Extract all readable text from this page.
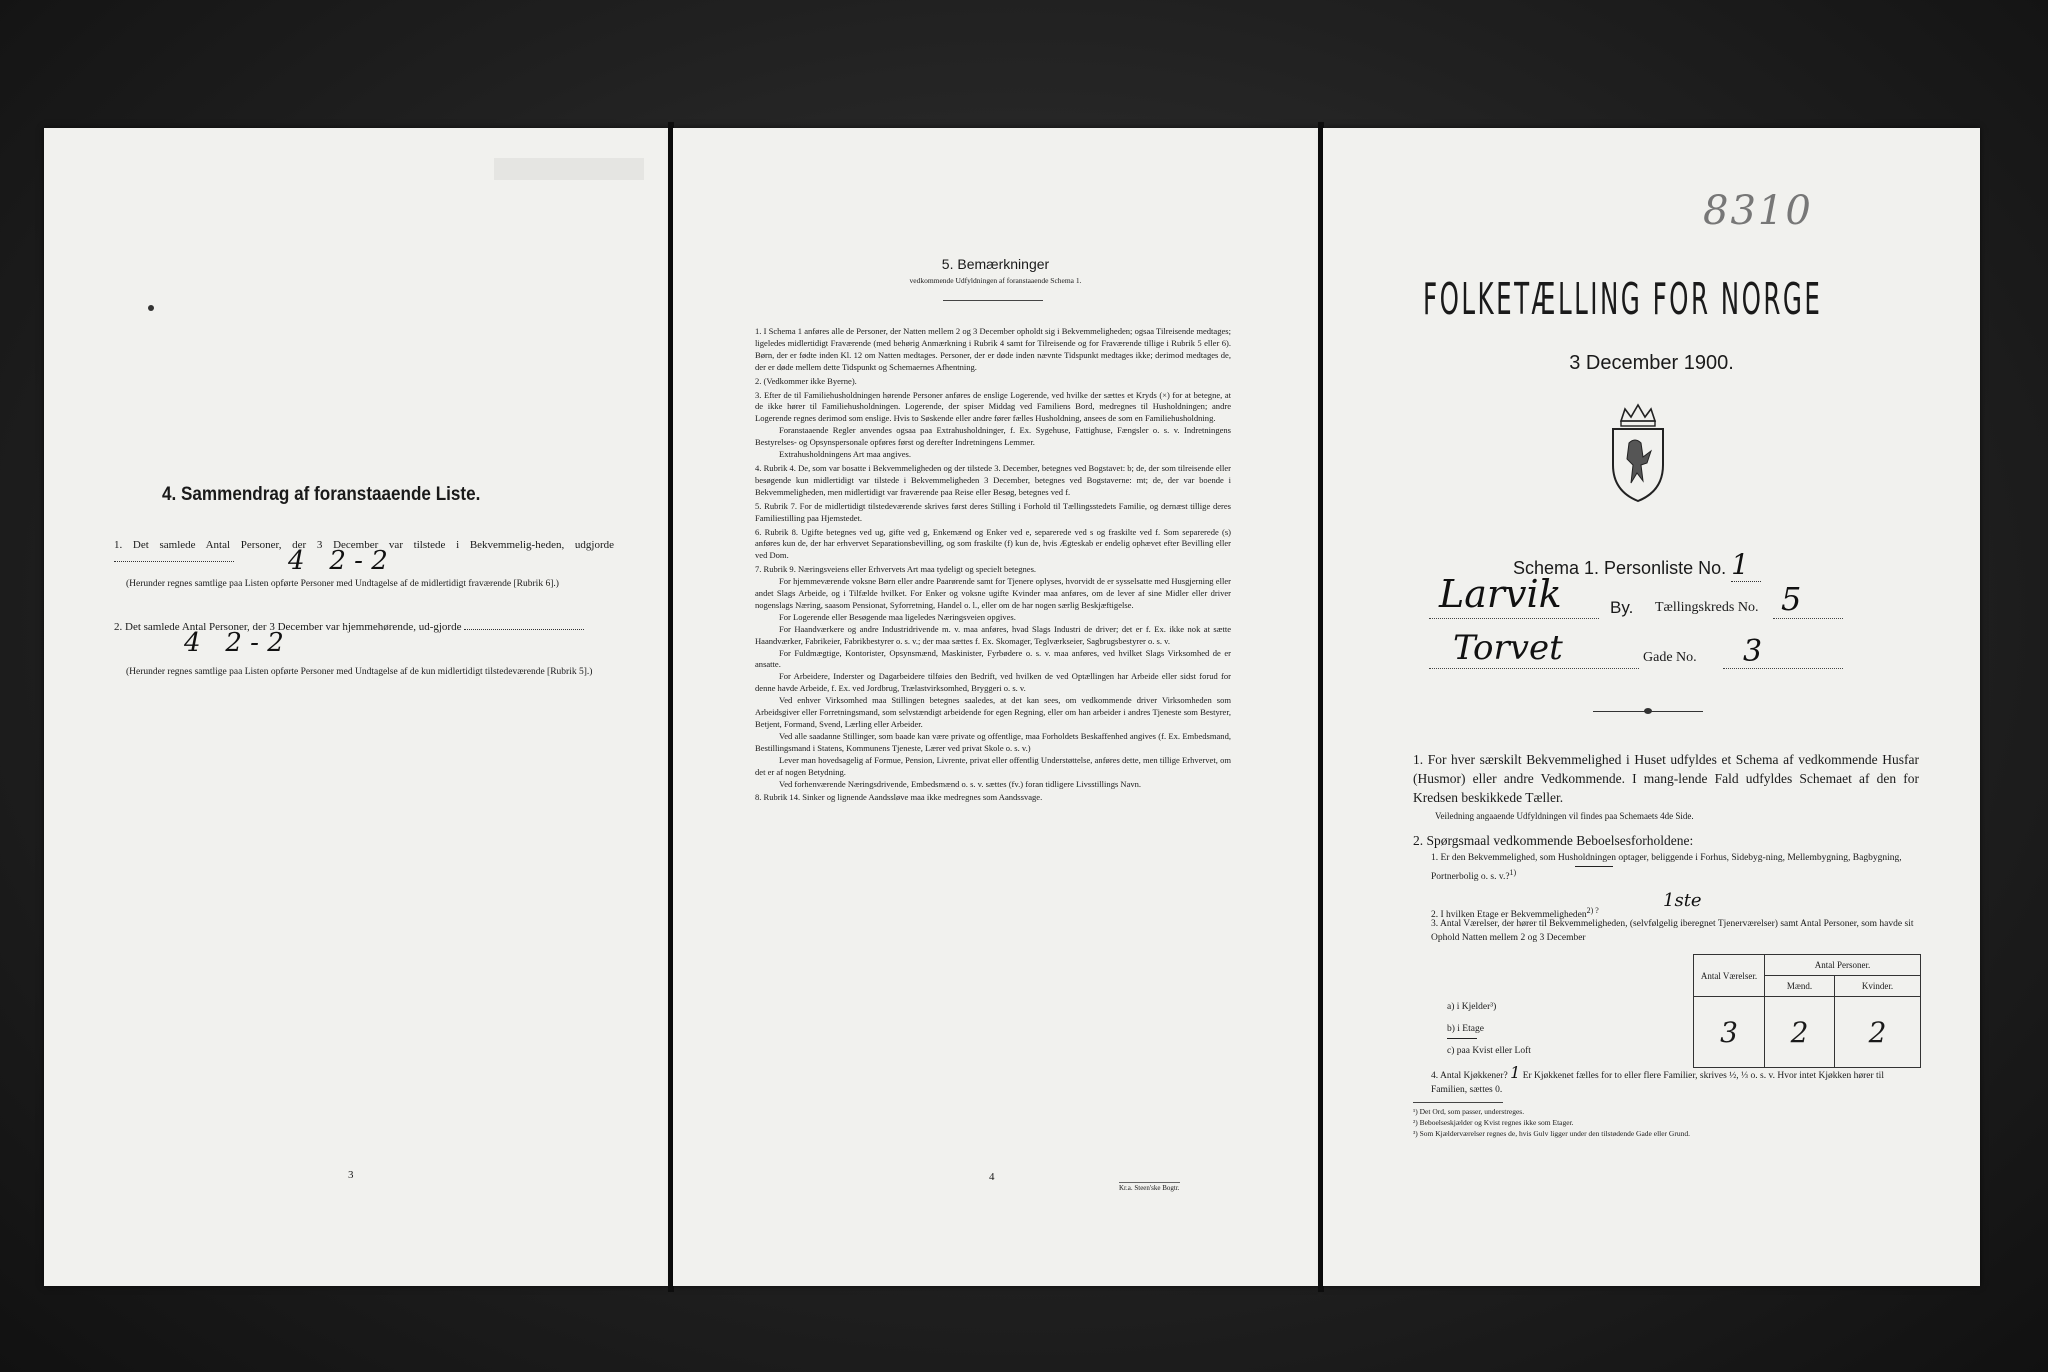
4. Sammendrag af foranstaaende Liste.
1. Det samlede Antal Personer, der 3 December var tilstede i Bekvemmelig-heden, udgjorde
4   2 - 2
(Herunder regnes samtlige paa Listen opførte Personer med Undtagelse af de midlertidigt fraværende [Rubrik 6].)
2. Det samlede Antal Personer, der 3 December var hjemmehørende, ud-gjorde
4   2 - 2
(Herunder regnes samtlige paa Listen opførte Personer med Undtagelse af de kun midlertidigt tilstedeværende [Rubrik 5].)
3
5. Bemærkninger
vedkommende Udfyldningen af foranstaaende Schema 1.
1. I Schema 1 anføres alle de Personer, der Natten mellem 2 og 3 December opholdt sig i Bekvemmeligheden; ogsaa Tilreisende medtages; ligeledes midlertidigt Fraværende (med behørig Anmærkning i Rubrik 4 samt for Tilreisende og for Fraværende tillige i Rubrik 5 eller 6). Børn, der er fødte inden Kl. 12 om Natten medtages. Personer, der er døde inden nævnte Tidspunkt medtages ikke; derimod medtages de, der er døde mellem dette Tidspunkt og Schemaernes Afhentning.
2. (Vedkommer ikke Byerne).
3. Efter de til Familiehusholdningen hørende Personer anføres de enslige Logerende, ved hvilke der sættes et Kryds (×) for at betegne, at de ikke hører til Familiehusholdningen. Logerende, der spiser Middag ved Familiens Bord, medregnes til Husholdningen; andre Logerende regnes derimod som enslige. Hvis to Søskende eller andre fører fælles Husholdning, ansees de som en Familiehusholdning.
Foranstaaende Regler anvendes ogsaa paa Extrahusholdninger, f. Ex. Sygehuse, Fattighuse, Fængsler o. s. v. Indretningens Bestyrelses- og Opsynspersonale opføres først og derefter Indretningens Lemmer.
Extrahusholdningens Art maa angives.
4. Rubrik 4. De, som var bosatte i Bekvemmeligheden og der tilstede 3. December, betegnes ved Bogstavet: b; de, der som tilreisende eller besøgende kun midlertidigt var tilstede i Bekvemmeligheden 3 December, betegnes ved Bogstaverne: mt; de, der var boende i Bekvemmeligheden, men midlertidigt var fraværende paa Reise eller Besøg, betegnes ved f.
5. Rubrik 7. For de midlertidigt tilstedeværende skrives først deres Stilling i Forhold til Tællingsstedets Familie, og dernæst tillige deres Familiestilling paa Hjemstedet.
6. Rubrik 8. Ugifte betegnes ved ug, gifte ved g, Enkemænd og Enker ved e, separerede ved s og fraskilte ved f. Som separerede (s) anføres kun de, der har erhvervet Separationsbevilling, og som fraskilte (f) kun de, hvis Ægteskab er endelig ophævet efter Bevilling eller ved Dom.
7. Rubrik 9. Næringsveiens eller Erhvervets Art maa tydeligt og specielt betegnes.
For hjemmeværende voksne Børn eller andre Paarørende samt for Tjenere oplyses, hvorvidt de er sysselsatte med Husgjerning eller andet Slags Arbeide, og i Tilfælde hvilket. For Enker og voksne ugifte Kvinder maa anføres, om de lever af sine Midler eller driver nogenslags Næring, saasom Pensionat, Syforretning, Handel o. l., eller om de har nogen særlig Beskjæftigelse.
For Logerende eller Besøgende maa ligeledes Næringsveien opgives.
For Haandværkere og andre Industridrivende m. v. maa anføres, hvad Slags Industri de driver; det er f. Ex. ikke nok at sætte Haandværker, Fabrikeier, Fabrikbestyrer o. s. v.; der maa sættes f. Ex. Skomager, Teglværkseier, Sagbrugsbestyrer o. s. v.
For Fuldmægtige, Kontorister, Opsynsmænd, Maskinister, Fyrbødere o. s. v. maa anføres, ved hvilket Slags Virksomhed de er ansatte.
For Arbeidere, Inderster og Dagarbeidere tilføies den Bedrift, ved hvilken de ved Optællingen har Arbeide eller sidst forud for denne havde Arbeide, f. Ex. ved Jordbrug, Trælastvirksomhed, Bryggeri o. s. v.
Ved enhver Virksomhed maa Stillingen betegnes saaledes, at det kan sees, om vedkommende driver Virksomheden som Arbeidsgiver eller Forretningsmand, som selvstændigt arbeidende for egen Regning, eller om han arbeider i andres Tjeneste som Bestyrer, Betjent, Formand, Svend, Lærling eller Arbeider.
Ved alle saadanne Stillinger, som baade kan være private og offentlige, maa Forholdets Beskaffenhed angives (f. Ex. Embedsmand, Bestillingsmand i Statens, Kommunens Tjeneste, Lærer ved privat Skole o. s. v.)
Lever man hovedsagelig af Formue, Pension, Livrente, privat eller offentlig Understøttelse, anføres dette, men tillige Erhvervet, om det er af nogen Betydning.
Ved forhenværende Næringsdrivende, Embedsmænd o. s. v. sættes (fv.) foran tidligere Livsstillings Navn.
8. Rubrik 14. Sinker og lignende Aandssløve maa ikke medregnes som Aandssvage.
4
Kr.a. Steen'ske Bogtr.
8310
FOLKETÆLLING FOR NORGE
3 December 1900.
Schema 1. Personliste No. 1
Larvik	By. Tællingskreds No. 5
Torvet	Gade No. 3
1. For hver særskilt Bekvemmelighed i Huset udfyldes et Schema af vedkommende Husfar (Husmor) eller andre Vedkommende. I mang-lende Fald udfyldes Schemaet af den for Kredsen beskikkede Tæller.
Veiledning angaaende Udfyldningen vil findes paa Schemaets 4de Side.
2. Spørgsmaal vedkommende Beboelsesforholdene:
1. Er den Bekvemmelighed, som Husholdningen optager, beliggende i Forhus, Sidebyg-ning, Mellembygning, Bagbygning, Portnerbolig o. s. v.?$^{1)}$
2. I hvilken Etage er Bekvemmeligheden$^{2) ?}$	1ste
3. Antal Værelser, der hører til Bekvemmeligheden, (selvfølgelig iberegnet Tjenerværelser) samt Antal Personer, som havde sit Ophold Natten mellem 2 og 3 December
Antal Værelser.	Antal Personer.	
	Mænd.	Kvinder.
3	2	2
a) i Kjelder³)
b) i Etage
c) paa Kvist eller Loft
4. Antal Kjøkkener? 1 Er Kjøkkenet fælles for to eller flere Familier, skrives ½, ⅓ o. s. v. Hvor intet Kjøkken hører til Familien, sættes 0.
¹) Det Ord, som passer, understreges.
²) Beboelseskjælder og Kvist regnes ikke som Etager.
³) Som Kjælderværelser regnes de, hvis Gulv ligger under den tilstødende Gade eller Grund.
